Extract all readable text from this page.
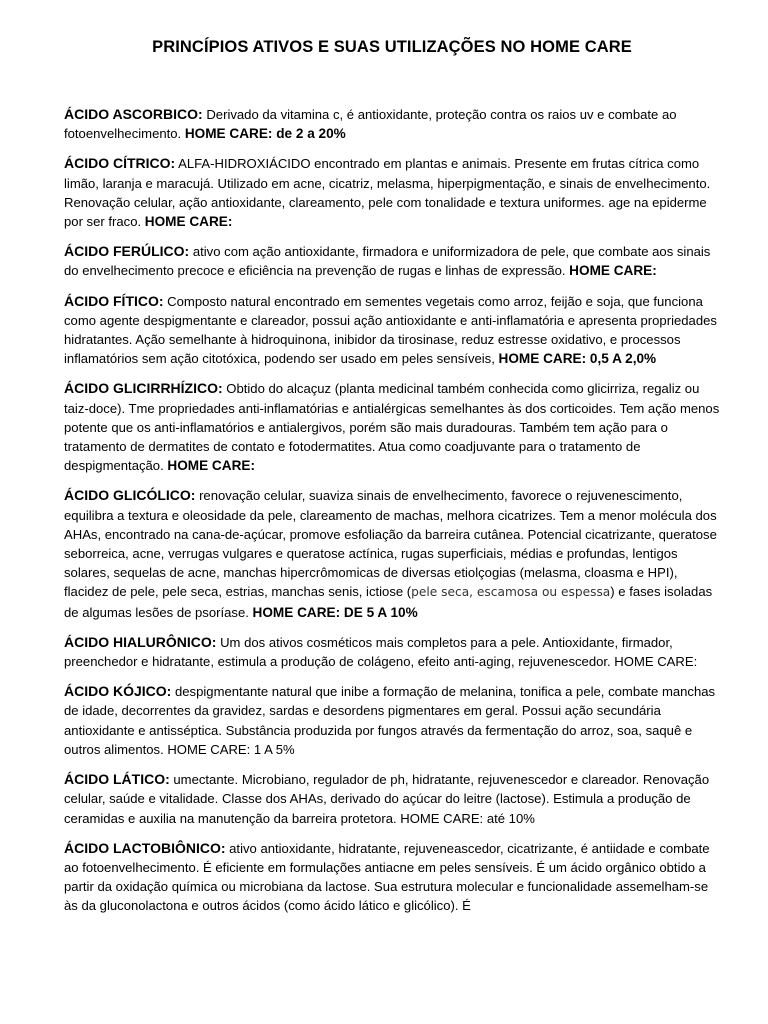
PRINCÍPIOS ATIVOS E SUAS UTILIZAÇÕES NO HOME CARE

ÁCIDO ASCORBICO: Derivado da vitamina c, é antioxidante, proteção contra os raios uv e combate ao fotoenvelhecimento. HOME CARE: de 2 a 20%

ÁCIDO CÍTRICO: ALFA-HIDROXIÁCIDO encontrado em plantas e animais. Presente em frutas cítrica como limão, laranja e maracujá. Utilizado em acne, cicatriz, melasma, hiperpigmentação, e sinais de envelhecimento. Renovação celular, ação antioxidante, clareamento, pele com tonalidade e textura uniformes. age na epiderme por ser fraco. HOME CARE:

ÁCIDO FERÚLICO: ativo com ação antioxidante, firmadora e uniformizadora de pele, que combate aos sinais do envelhecimento precoce e eficiência na prevenção de rugas e linhas de expressão. HOME CARE:

ÁCIDO FÍTICO: Composto natural encontrado em sementes vegetais como arroz, feijão e soja, que funciona como agente despigmentante e clareador, possui ação antioxidante e anti-inflamatória e apresenta propriedades hidratantes. Ação semelhante à hidroquinona, inibidor da tirosinase, reduz estresse oxidativo, e processos inflamatórios sem ação citotóxica, podendo ser usado em peles sensíveis, HOME CARE: 0,5 A 2,0%

ÁCIDO GLICIRRHÍZICO: Obtido do alcaçuz (planta medicinal também conhecida como glicirriza, regaliz ou taiz-doce). Tme propriedades anti-inflamatórias e antialérgicas semelhantes às dos corticoides. Tem ação menos potente que os anti-inflamatórios e antialergivos, porém são mais duradouras. Também tem ação para o tratamento de dermatites de contato e fotodermatites. Atua como coadjuvante para o tratamento de despigmentação. HOME CARE:

ÁCIDO GLICÓLICO: renovação celular, suaviza sinais de envelhecimento, favorece o rejuvenescimento, equilibra a textura e oleosidade da pele, clareamento de machas, melhora cicatrizes. Tem a menor molécula dos AHAs, encontrado na cana-de-açúcar, promove esfoliação da barreira cutânea. Potencial cicatrizante, queratose seborreica, acne, verrugas vulgares e queratose actínica, rugas superficiais, médias e profundas, lentigos solares, sequelas de acne, manchas hipercrômomicas de diversas etiolçogias (melasma, cloasma e HPI), flacidez de pele, pele seca, estrias, manchas senis, ictiose (pele seca, escamosa ou espessa) e fases isoladas de algumas lesões de psoríase. HOME CARE: DE 5 A 10%

ÁCIDO HIALURÔNICO: Um dos ativos cosméticos mais completos para a pele. Antioxidante, firmador, preenchedor e hidratante, estimula a produção de colágeno, efeito anti-aging, rejuvenescedor. HOME CARE:

ÁCIDO KÓJICO: despigmentante natural que inibe a formação de melanina, tonifica a pele, combate manchas de idade, decorrentes da gravidez, sardas e desordens pigmentares em geral. Possui ação secundária antioxidante e antisséptica. Substância produzida por fungos através da fermentação do arroz, soa, saquê e outros alimentos. HOME CARE: 1 A 5%

ÁCIDO LÁTICO: umectante. Microbiano, regulador de ph, hidratante, rejuvenescedor e clareador. Renovação celular, saúde e vitalidade. Classe dos AHAs, derivado do açúcar do leitre (lactose). Estimula a produção de ceramidas e auxilia na manutenção da barreira protetora. HOME CARE: até 10%

ÁCIDO LACTOBIÔNICO: ativo antioxidante, hidratante, rejuveneascedor, cicatrizante, é antiidade e combate ao fotoenvelhecimento. É eficiente em formulações antiacne em peles sensíveis. É um ácido orgânico obtido a partir da oxidação química ou microbiana da lactose. Sua estrutura molecular e funcionalidade assemelham-se às da gluconolactona e outros ácidos (como ácido lático e glicólico). É
